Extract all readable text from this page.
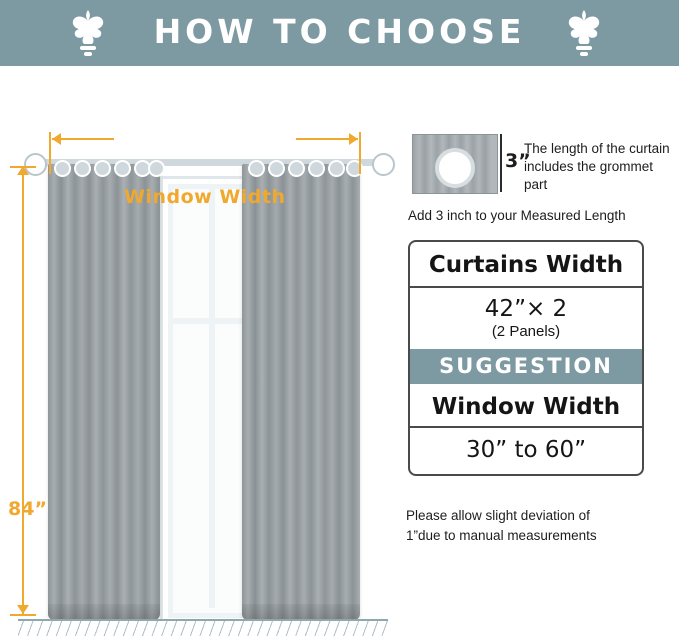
HOW TO CHOOSE
Window Width
84”
3”
The length of the curtain includes the grommet part
Add 3 inch to your Measured Length
Curtains Width
42”× 2
(2 Panels)
SUGGESTION
Window Width
30” to 60”
Please allow slight deviation of
1”due to manual measurements
